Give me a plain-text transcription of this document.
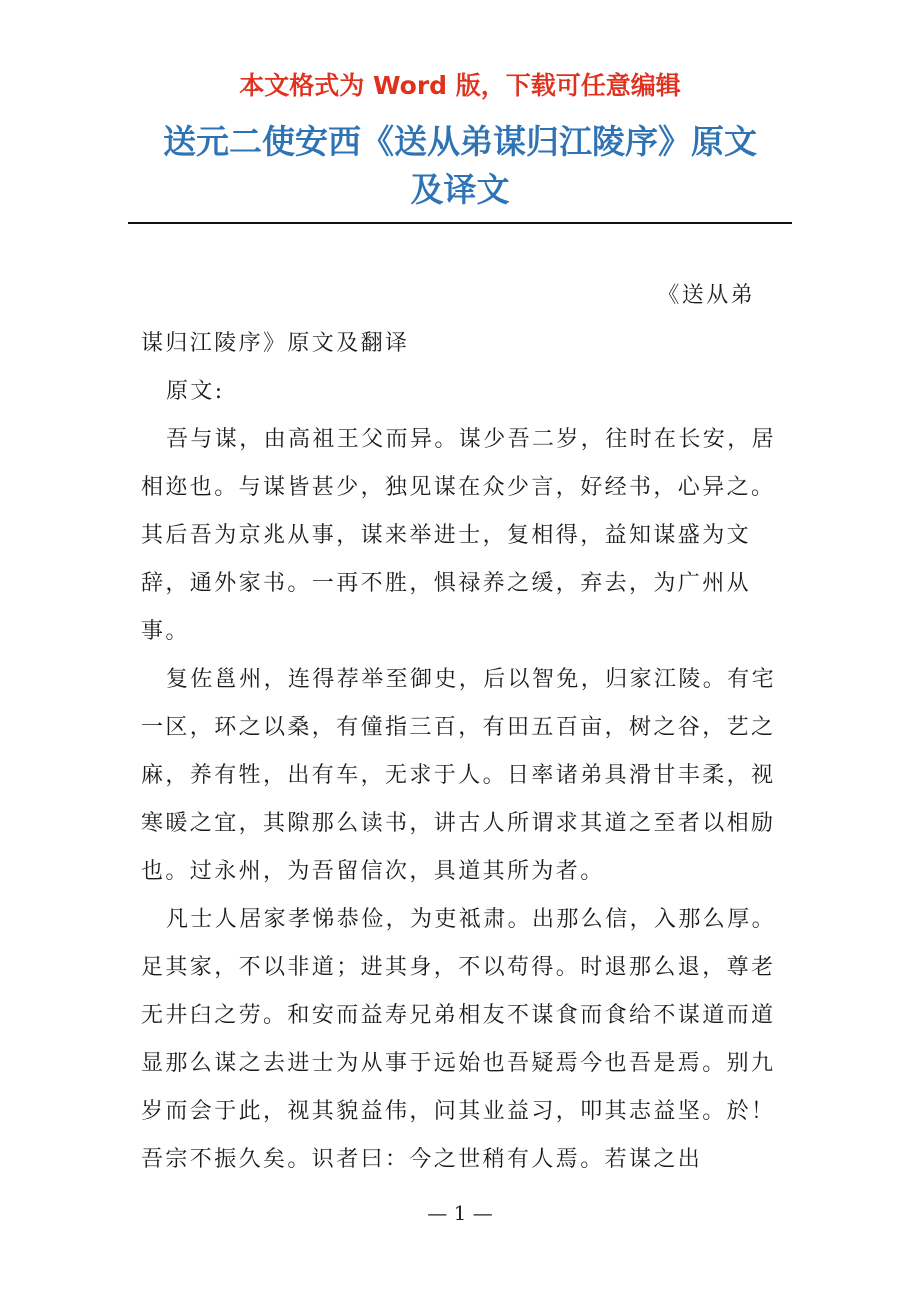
本文格式为 Word 版，下载可任意编辑
送元二使安西《送从弟谋归江陵序》原文
及译文

《送从弟

谋归江陵序》原文及翻译

原文:

吾与谋，由高祖王父而异。谋少吾二岁，往时在长安，居相迩也。与谋皆甚少，独见谋在众少言，好经书，心异之。其后吾为京兆从事，谋来举进士，复相得，益知谋盛为文辞，通外家书。一再不胜，惧禄养之缓，弃去，为广州从事。

复佐邕州，连得荐举至御史，后以智免，归家江陵。有宅一区，环之以桑，有僮指三百，有田五百亩，树之谷，艺之麻，养有牲，出有车，无求于人。日率诸弟具滑甘丰柔，视寒暖之宜，其隙那么读书，讲古人所谓求其道之至者以相励也。过永州，为吾留信次，具道其所为者。

凡士人居家孝悌恭俭，为吏祗肃。出那么信，入那么厚。足其家，不以非道；进其身，不以苟得。时退那么退，尊老无井臼之劳。和安而益寿兄弟相友不谋食而食给不谋道而道显那么谋之去进士为从事于远始也吾疑焉今也吾是焉。别九岁而会于此，视其貌益伟，问其业益习，叩其志益坚。於！吾宗不振久矣。识者曰：今之世稍有人焉。若谋之出

— 1 —
